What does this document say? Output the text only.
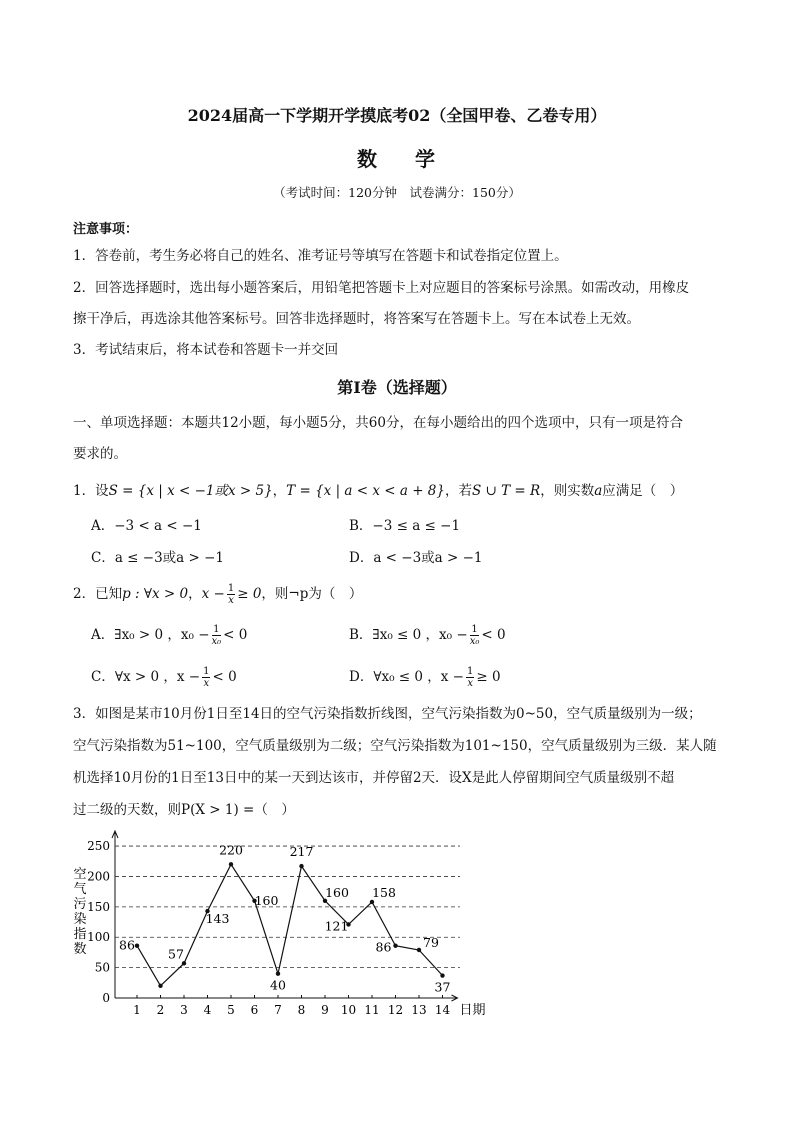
2024届高一下学期开学摸底考02（全国甲卷、乙卷专用）
数 学
（考试时间：120分钟　试卷满分：150分）
注意事项：
1．答卷前，考生务必将自己的姓名、准考证号等填写在答题卡和试卷指定位置上。
2．回答选择题时，选出每小题答案后，用铅笔把答题卡上对应题目的答案标号涂黑。如需改动，用橡皮
擦干净后，再选涂其他答案标号。回答非选择题时，将答案写在答题卡上。写在本试卷上无效。
3．考试结束后，将本试卷和答题卡一并交回
第Ⅰ卷（选择题）
一、单项选择题：本题共12小题，每小题5分，共60分，在每小题给出的四个选项中，只有一项是符合
要求的。
1．设S = {x | x < −1或x > 5}，T = {x | a < x < a + 8}，若S ∪ T = R，则实数a应满足（　）
A．−3 < a < −1	B．−3 ≤ a ≤ −1
C．a ≤ −3或a > −1	D．a < −3或a > −1
2．已知p : ∀x > 0，$x - \frac{1}{x} \ge 0$，则¬p为（　）
A．∃x₀ > 0 ，$x_0 - \frac{1}{\text{x₀}} < 0$	B．∃x₀ ≤ 0 ，$x_0 - \frac{1}{\text{x₀}} < 0$
C．∀x > 0 ，$x - \frac{1}{x} < 0$	D．∀x₀ ≤ 0 ，$x - \frac{1}{x} \ge 0$
3．如图是某市10月份1日至14日的空气污染指数折线图，空气污染指数为0~50，空气质量级别为一级；
空气污染指数为51~100，空气质量级别为二级；空气污染指数为101~150，空气质量级别为三级．某人随
机选择10月份的1日至13日中的某一天到达该市，并停留2天．设X是此人停留期间空气质量级别不超
过二级的天数，则P(X > 1) =（　）
0
50
100
150
200
250
空
气
污
染
指
数
1 2 3 4 5 6 7 8 9 10 11 12 13 14 日期
86
57
143
220
160
40
217
160
121
158
86	79
37
